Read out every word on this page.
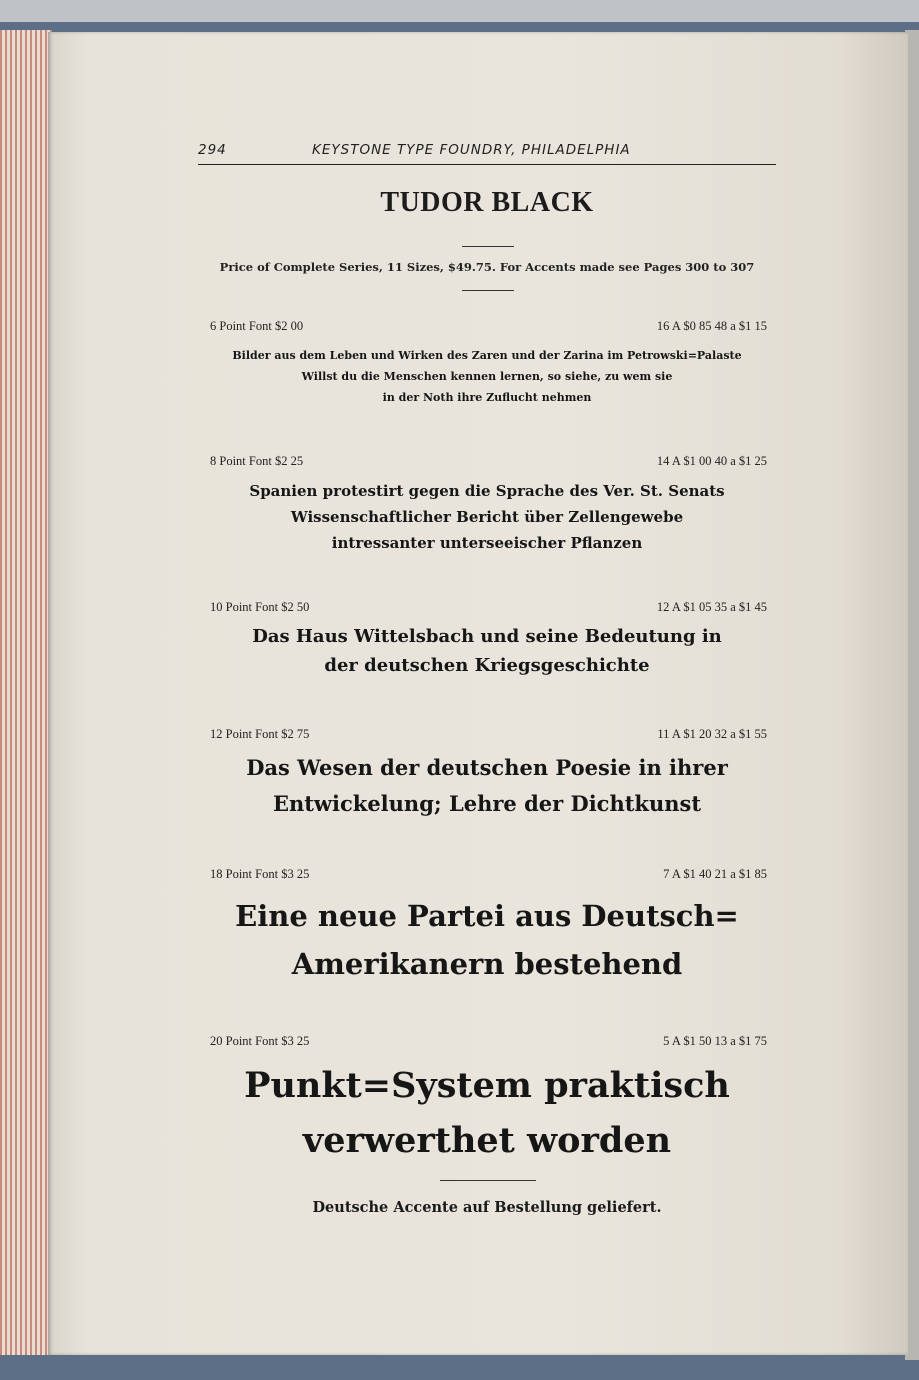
294	KEYSTONE TYPE FOUNDRY, PHILADELPHIA
TUDOR BLACK
Price of Complete Series, 11 Sizes, $49.75. For Accents made see Pages 300 to 307
6 Point Font $2 00	16 A $0 85 48 a $1 15
Bilder aus dem Leben und Wirken des Zaren und der Zarina im Petrowski=Palaste
Willst du die Menschen kennen lernen, so siehe, zu wem sie
in der Noth ihre Zuflucht nehmen
8 Point Font $2 25	14 A $1 00 40 a $1 25
Spanien protestirt gegen die Sprache des Ver. St. Senats
Wissenschaftlicher Bericht über Zellengewebe
intressanter unterseeischer Pflanzen
10 Point Font $2 50	12 A $1 05 35 a $1 45
Das Haus Wittelsbach und seine Bedeutung in
der deutschen Kriegsgeschichte
12 Point Font $2 75	11 A $1 20 32 a $1 55
Das Wesen der deutschen Poesie in ihrer
Entwickelung; Lehre der Dichtkunst
18 Point Font $3 25	7 A $1 40 21 a $1 85
Eine neue Partei aus Deutsch=
Amerikanern bestehend
20 Point Font $3 25	5 A $1 50 13 a $1 75
Punkt=System praktisch
verwerthet worden
Deutsche Accente auf Bestellung geliefert.
